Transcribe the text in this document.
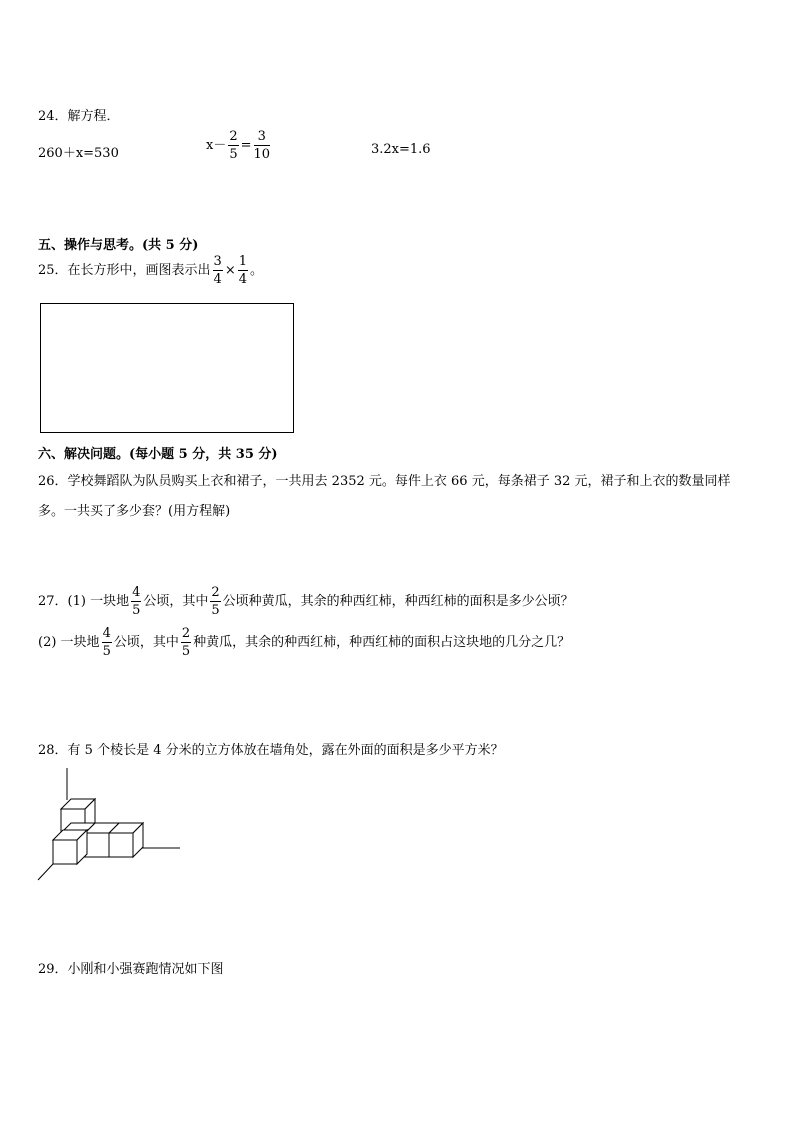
24．解方程．
260＋x=530
$x- \frac{2}{5} = \frac{3}{10}$	3.2x=1.6
五、操作与思考。(共 5 分)
25．在长方形中，画图表示出 $\frac{3}{4} \times \frac{1}{4}$ 。
六、解决问题。(每小题 5 分，共 35 分)
26．学校舞蹈队为队员购买上衣和裙子，一共用去 2352 元。每件上衣 66 元，每条裙子 32 元，裙子和上衣的数量同样
多。一共买了多少套？(用方程解)
27．(1) 一块地 $\frac{4}{5}$ 公顷，其中 $\frac{2}{5}$ 公顷种黄瓜，其余的种西红柿，种西红柿的面积是多少公顷？
(2) 一块地 $\frac{4}{5}$ 公顷，其中 $\frac{2}{5}$ 种黄瓜，其余的种西红柿，种西红柿的面积占这块地的几分之几？
28．有 5 个棱长是 4 分米的立方体放在墙角处，露在外面的面积是多少平方米？
29．小刚和小强赛跑情况如下图
